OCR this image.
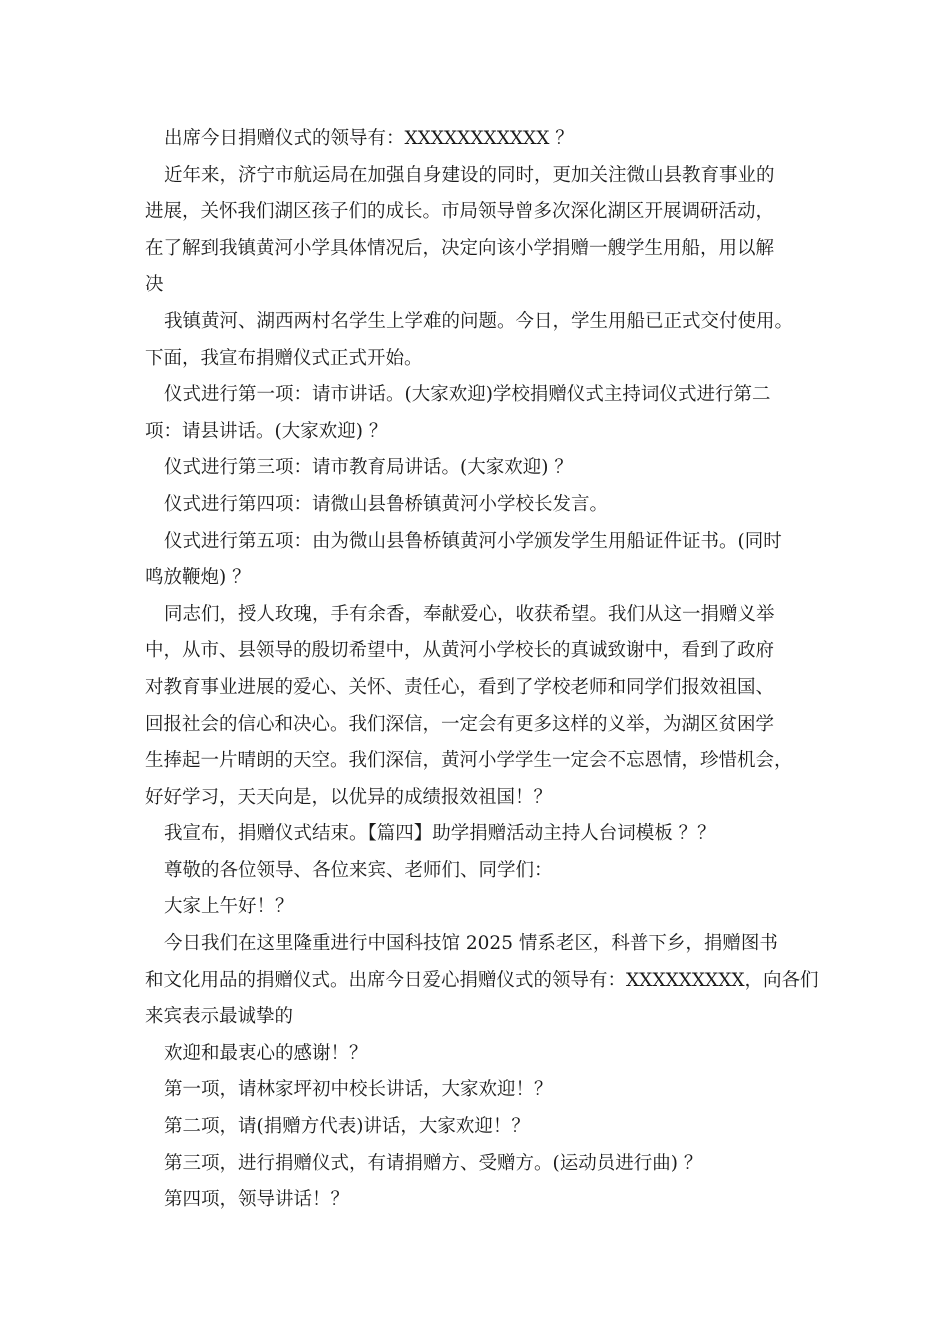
出席今日捐赠仪式的领导有：XXXXXXXXXXX ？
近年来，济宁市航运局在加强自身建设的同时，更加关注微山县教育事业的
进展，关怀我们湖区孩子们的成长。市局领导曾多次深化湖区开展调研活动，
在了解到我镇黄河小学具体情况后，决定向该小学捐赠一艘学生用船，用以解
决
我镇黄河、湖西两村名学生上学难的问题。今日，学生用船已正式交付使用。
下面，我宣布捐赠仪式正式开始。
仪式进行第一项：请市讲话。(大家欢迎)学校捐赠仪式主持词仪式进行第二
项：请县讲话。(大家欢迎) ？
仪式进行第三项：请市教育局讲话。(大家欢迎) ？
仪式进行第四项：请微山县鲁桥镇黄河小学校长发言。
仪式进行第五项：由为微山县鲁桥镇黄河小学颁发学生用船证件证书。(同时
鸣放鞭炮) ？
同志们，授人玫瑰，手有余香，奉献爱心，收获希望。我们从这一捐赠义举
中，从市、县领导的殷切希望中，从黄河小学校长的真诚致谢中，看到了政府
对教育事业进展的爱心、关怀、责任心，看到了学校老师和同学们报效祖国、
回报社会的信心和决心。我们深信，一定会有更多这样的义举，为湖区贫困学
生捧起一片晴朗的天空。我们深信，黄河小学学生一定会不忘恩情，珍惜机会，
好好学习，天天向是，以优异的成绩报效祖国！？
我宣布，捐赠仪式结束。【篇四】助学捐赠活动主持人台词模板 ？？
尊敬的各位领导、各位来宾、老师们、同学们：
大家上午好！？
今日我们在这里隆重进行中国科技馆 2025 情系老区，科普下乡，捐赠图书
和文化用品的捐赠仪式。出席今日爱心捐赠仪式的领导有：XXXXXXXXX，向各们
来宾表示最诚挚的
欢迎和最衷心的感谢！？
第一项，请林家坪初中校长讲话，大家欢迎！？
第二项，请(捐赠方代表)讲话，大家欢迎！？
第三项，进行捐赠仪式，有请捐赠方、受赠方。(运动员进行曲) ？
第四项，领导讲话！？
